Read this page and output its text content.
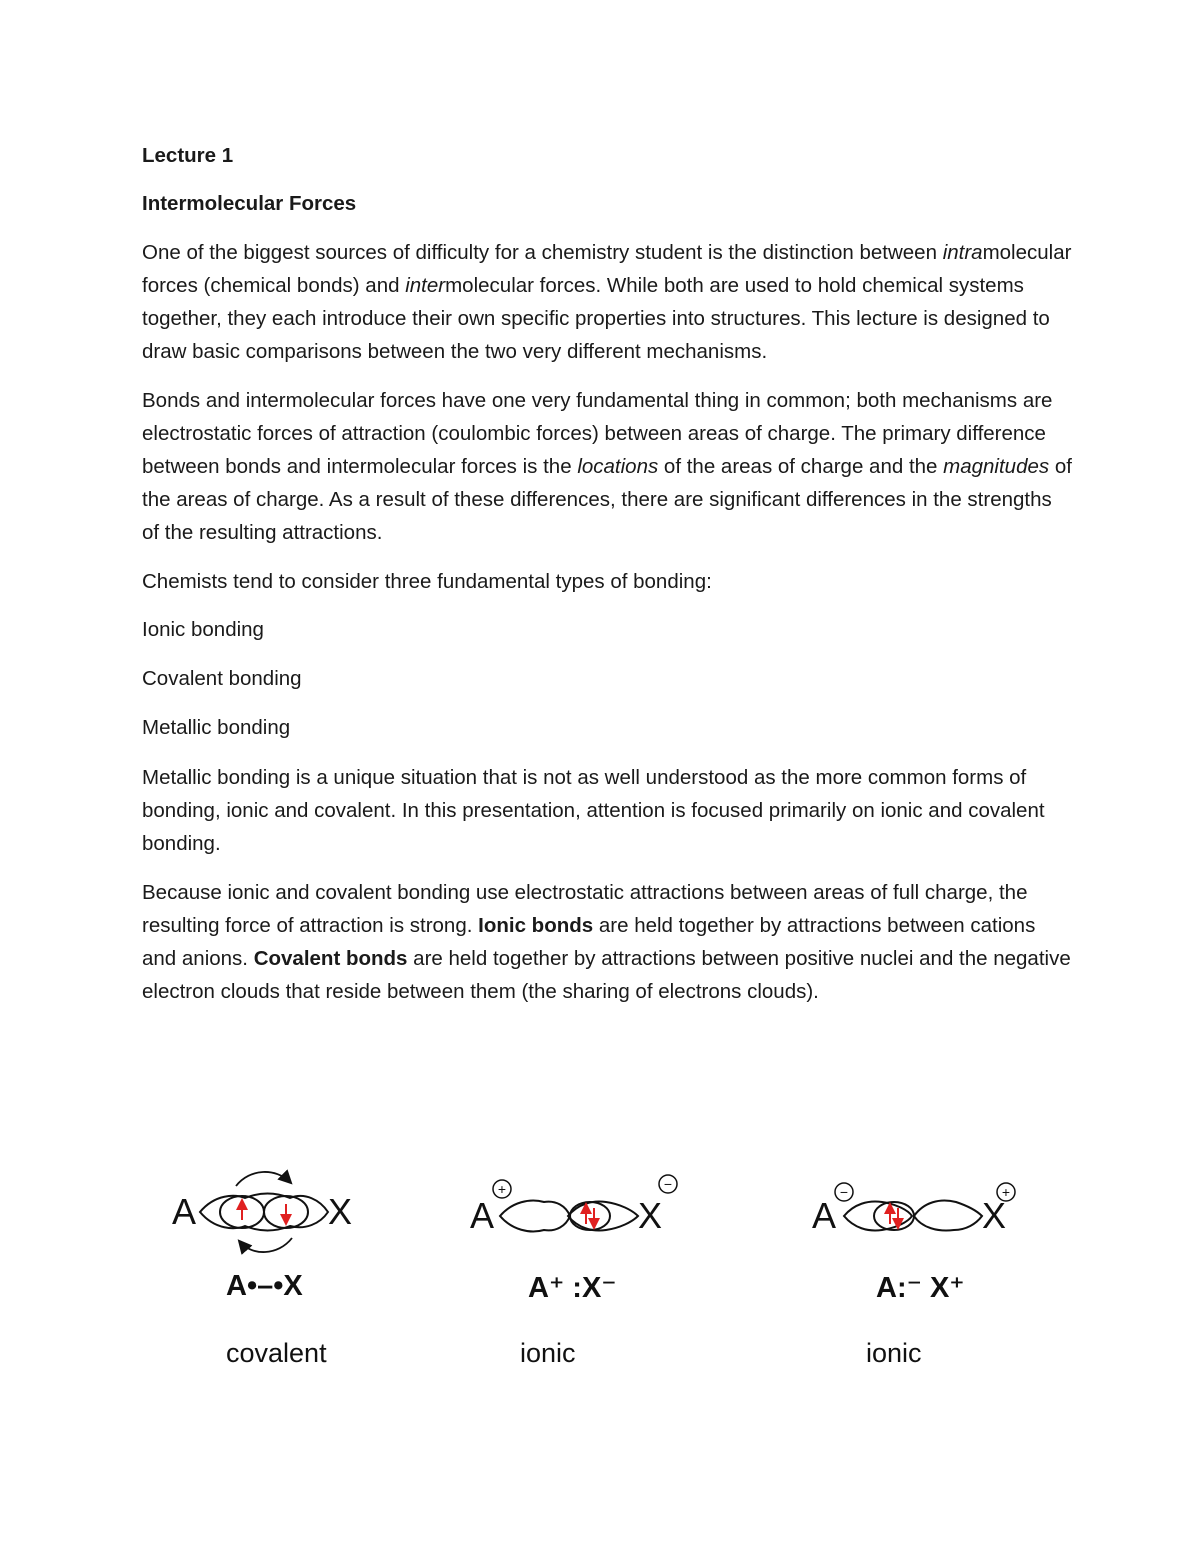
Lecture 1
Intermolecular Forces

One of the biggest sources of difficulty for a chemistry student is the distinction between intramolecular forces (chemical bonds) and intermolecular forces. While both are used to hold chemical systems together, they each introduce their own specific properties into structures. This lecture is designed to draw basic comparisons between the two very different mechanisms.

Bonds and intermolecular forces have one very fundamental thing in common; both mechanisms are electrostatic forces of attraction (coulombic forces) between areas of charge. The primary difference between bonds and intermolecular forces is the locations of the areas of charge and the magnitudes of the areas of charge. As a result of these differences, there are significant differences in the strengths of the resulting attractions.

Chemists tend to consider three fundamental types of bonding:

Ionic bonding
Covalent bonding
Metallic bonding

Metallic bonding is a unique situation that is not as well understood as the more common forms of bonding, ionic and covalent. In this presentation, attention is focused primarily on ionic and covalent bonding.

Because ionic and covalent bonding use electrostatic attractions between areas of full charge, the resulting force of attraction is strong. Ionic bonds are held together by attractions between cations and anions. Covalent bonds are held together by attractions between positive nuclei and the negative electron clouds that reside between them (the sharing of electrons clouds).

A	X	A	X
+	−
A	X
−	+
A•–•X	A⁺ :X⁻	A:⁻ X⁺
covalent	ionic	ionic
